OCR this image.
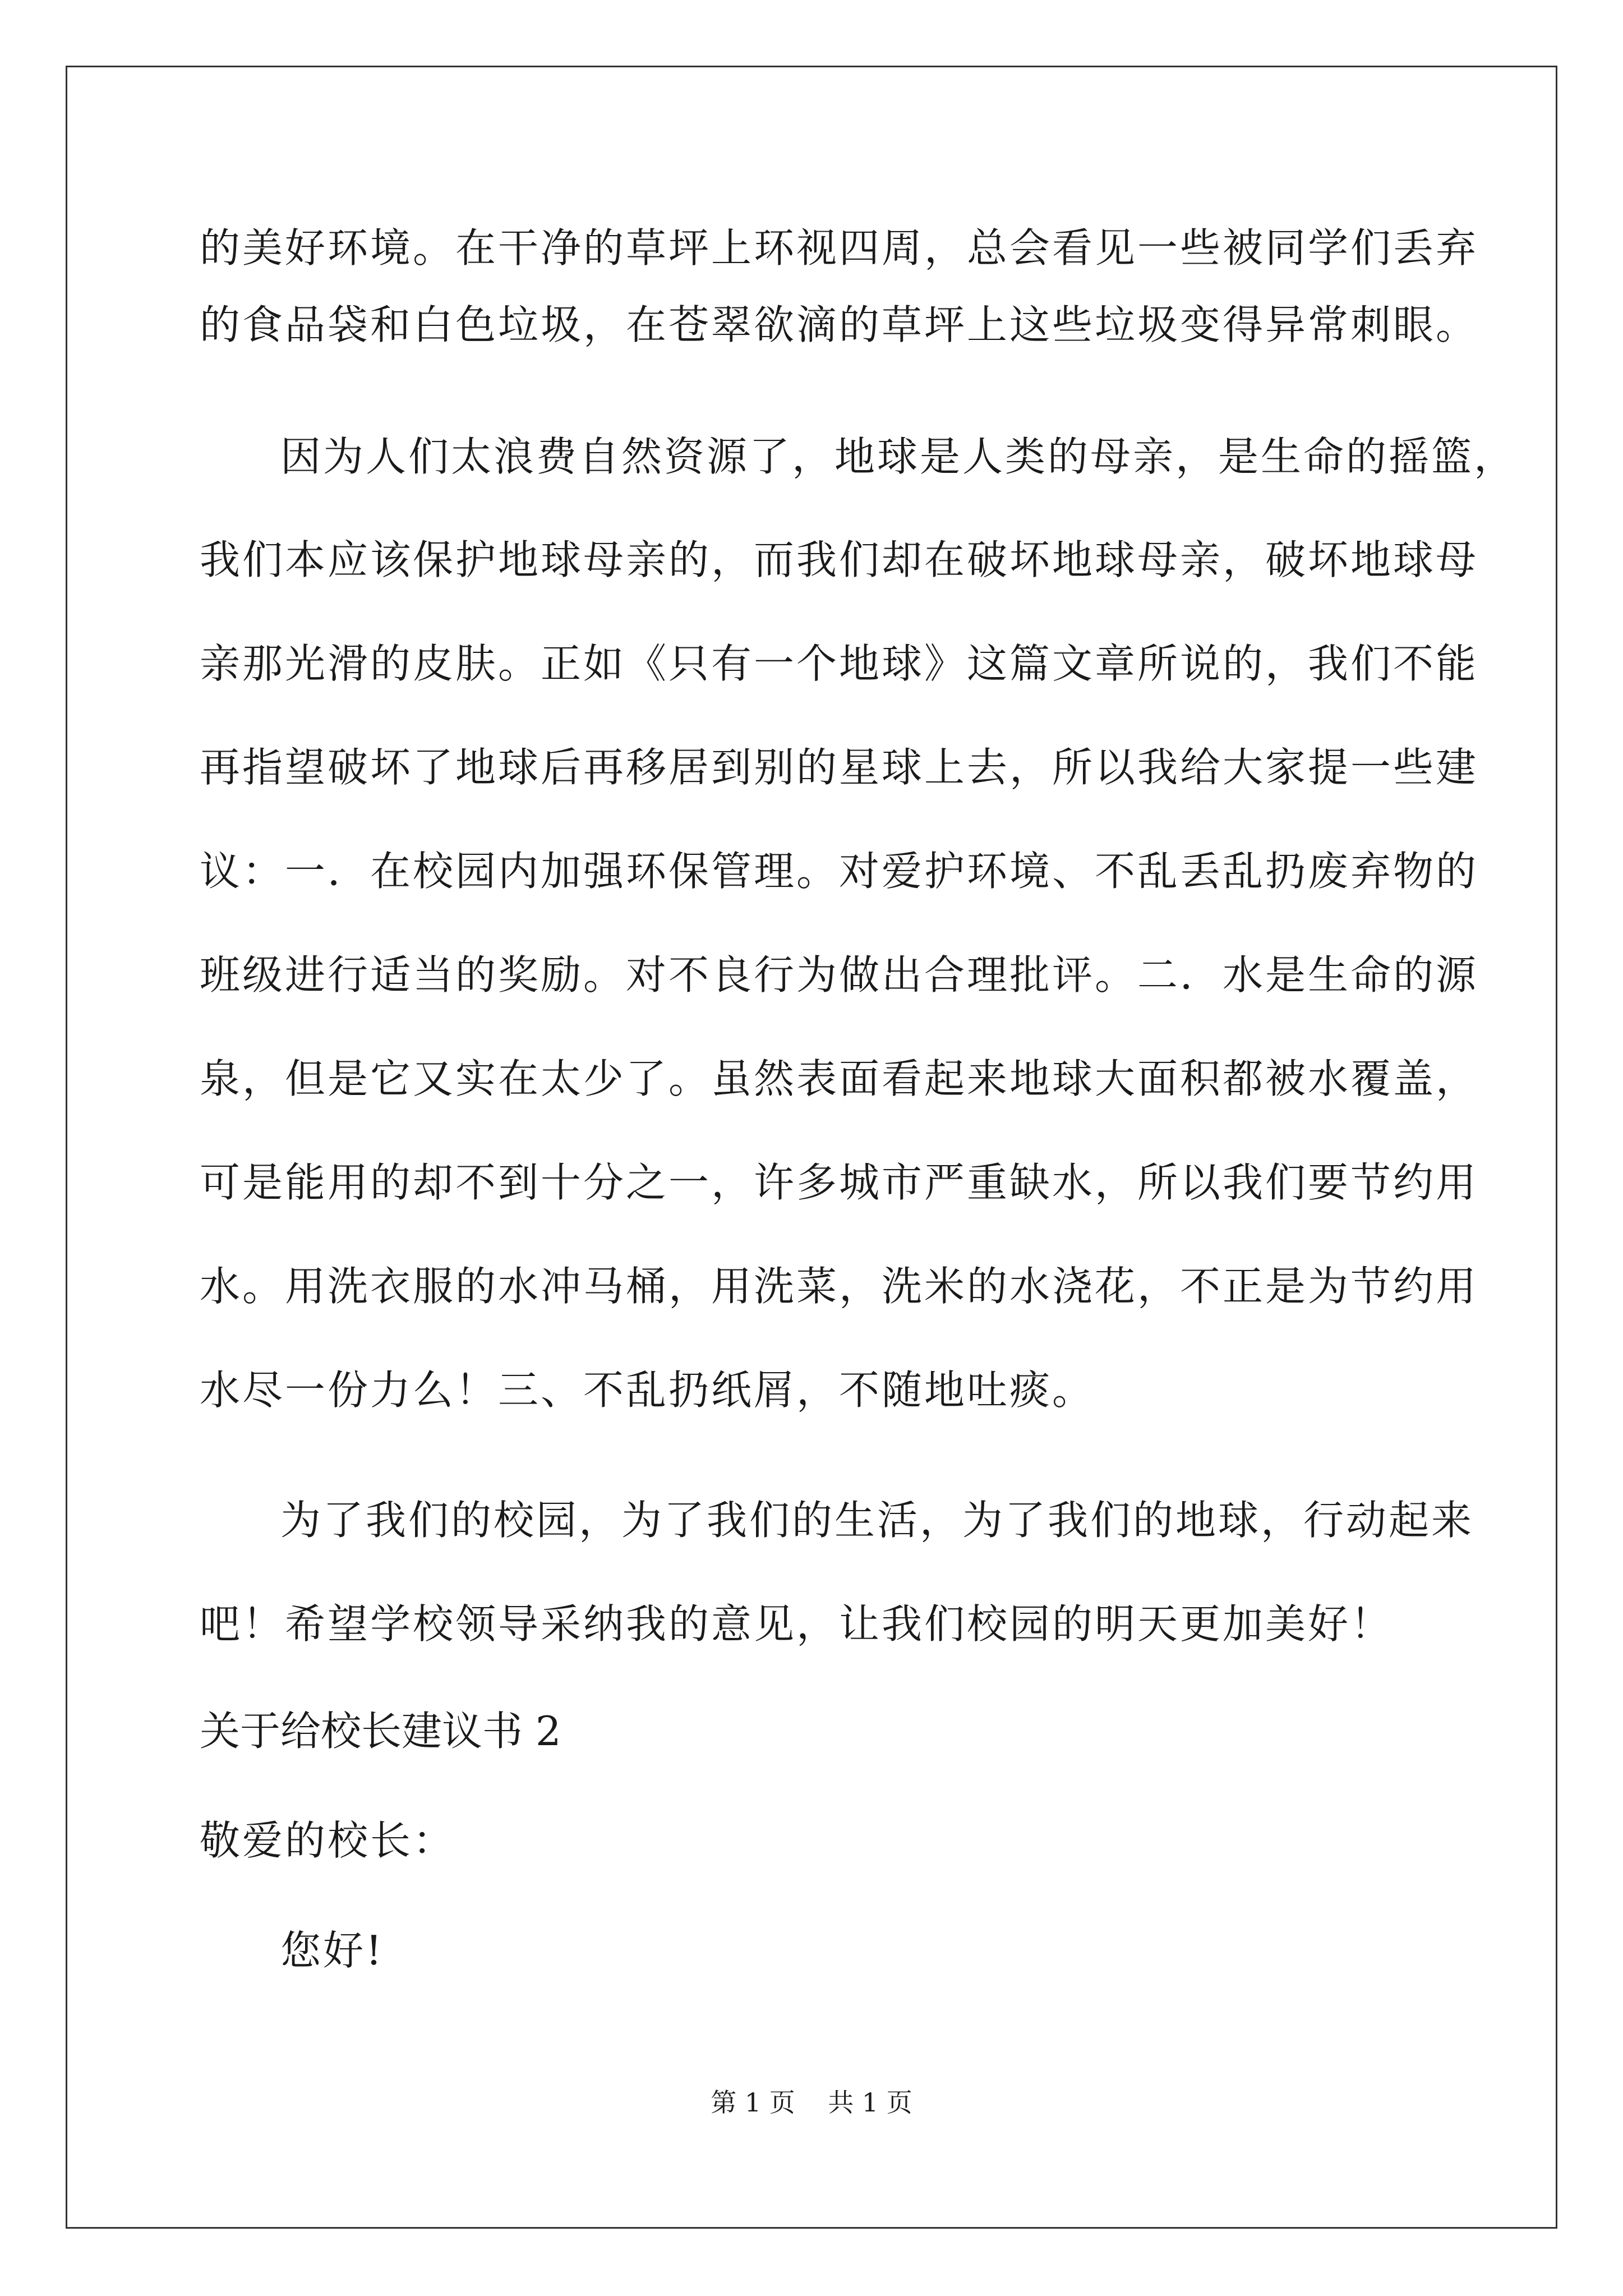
的美好环境。在干净的草坪上环视四周，总会看见一些被同学们丢弃
的食品袋和白色垃圾，在苍翠欲滴的草坪上这些垃圾变得异常刺眼。
因为人们太浪费自然资源了，地球是人类的母亲，是生命的摇篮，
我们本应该保护地球母亲的，而我们却在破坏地球母亲，破坏地球母
亲那光滑的皮肤。正如《只有一个地球》这篇文章所说的，我们不能
再指望破坏了地球后再移居到别的星球上去，所以我给大家提一些建
议：一．在校园内加强环保管理。对爱护环境、不乱丢乱扔废弃物的
班级进行适当的奖励。对不良行为做出合理批评。二．水是生命的源
泉，但是它又实在太少了。虽然表面看起来地球大面积都被水覆盖，
可是能用的却不到十分之一，许多城市严重缺水，所以我们要节约用
水。用洗衣服的水冲马桶，用洗菜，洗米的水浇花，不正是为节约用
水尽一份力么！三、不乱扔纸屑，不随地吐痰。
为了我们的校园，为了我们的生活，为了我们的地球，行动起来
吧！希望学校领导采纳我的意见，让我们校园的明天更加美好！
关于给校长建议书 2
敬爱的校长：
您好!
第 1 页    共 1 页
